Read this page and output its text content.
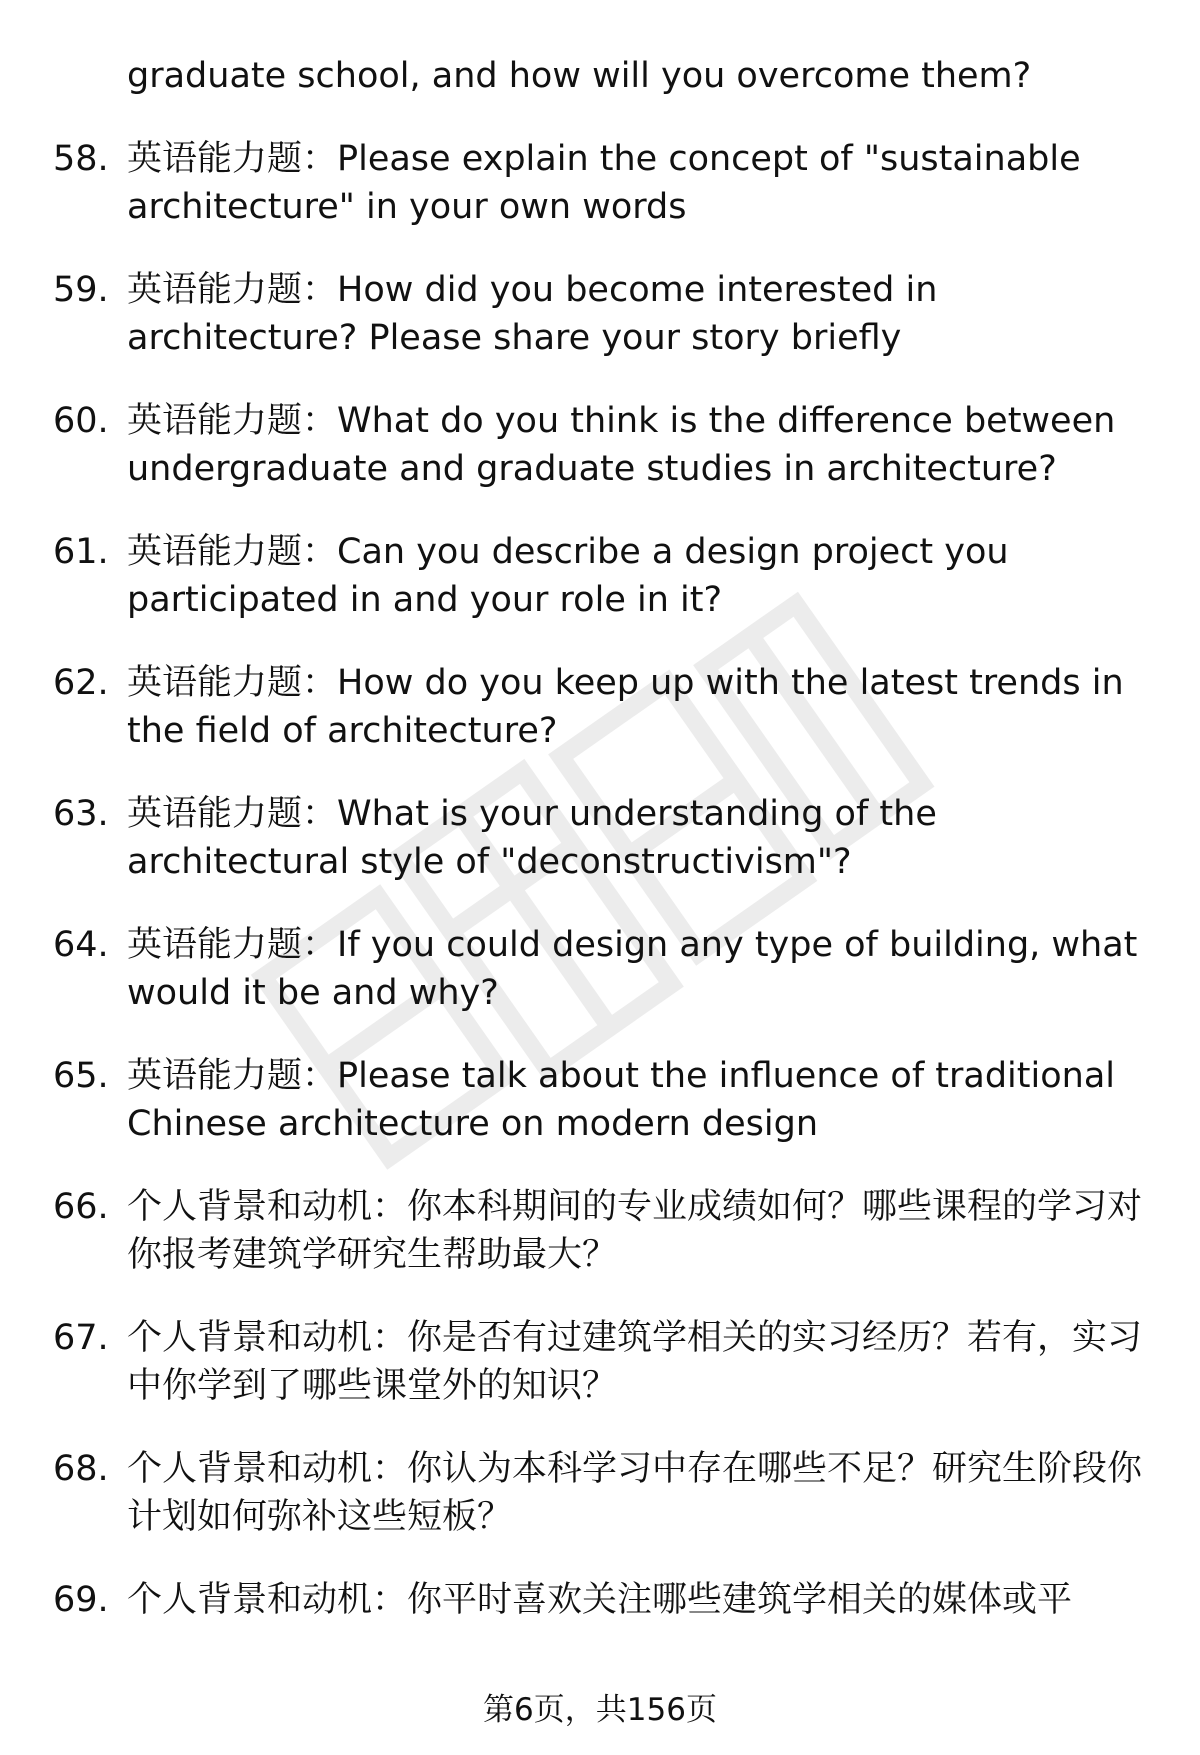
graduate school, and how will you overcome them?
58. 英语能力题：Please explain the concept of "sustainable architecture" in your own words
59. 英语能力题：How did you become interested in architecture? Please share your story briefly
60. 英语能力题：What do you think is the difference between undergraduate and graduate studies in architecture?
61. 英语能力题：Can you describe a design project you participated in and your role in it?
62. 英语能力题：How do you keep up with the latest trends in the field of architecture?
63. 英语能力题：What is your understanding of the architectural style of "deconstructivism"?
64. 英语能力题：If you could design any type of building, what would it be and why?
65. 英语能力题：Please talk about the influence of traditional Chinese architecture on modern design
66. 个人背景和动机：你本科期间的专业成绩如何？哪些课程的学习对你报考建筑学研究生帮助最大？
67. 个人背景和动机：你是否有过建筑学相关的实习经历？若有，实习中你学到了哪些课堂外的知识？
68. 个人背景和动机：你认为本科学习中存在哪些不足？研究生阶段你计划如何弥补这些短板？
69. 个人背景和动机：你平时喜欢关注哪些建筑学相关的媒体或平
第6页，共156页
